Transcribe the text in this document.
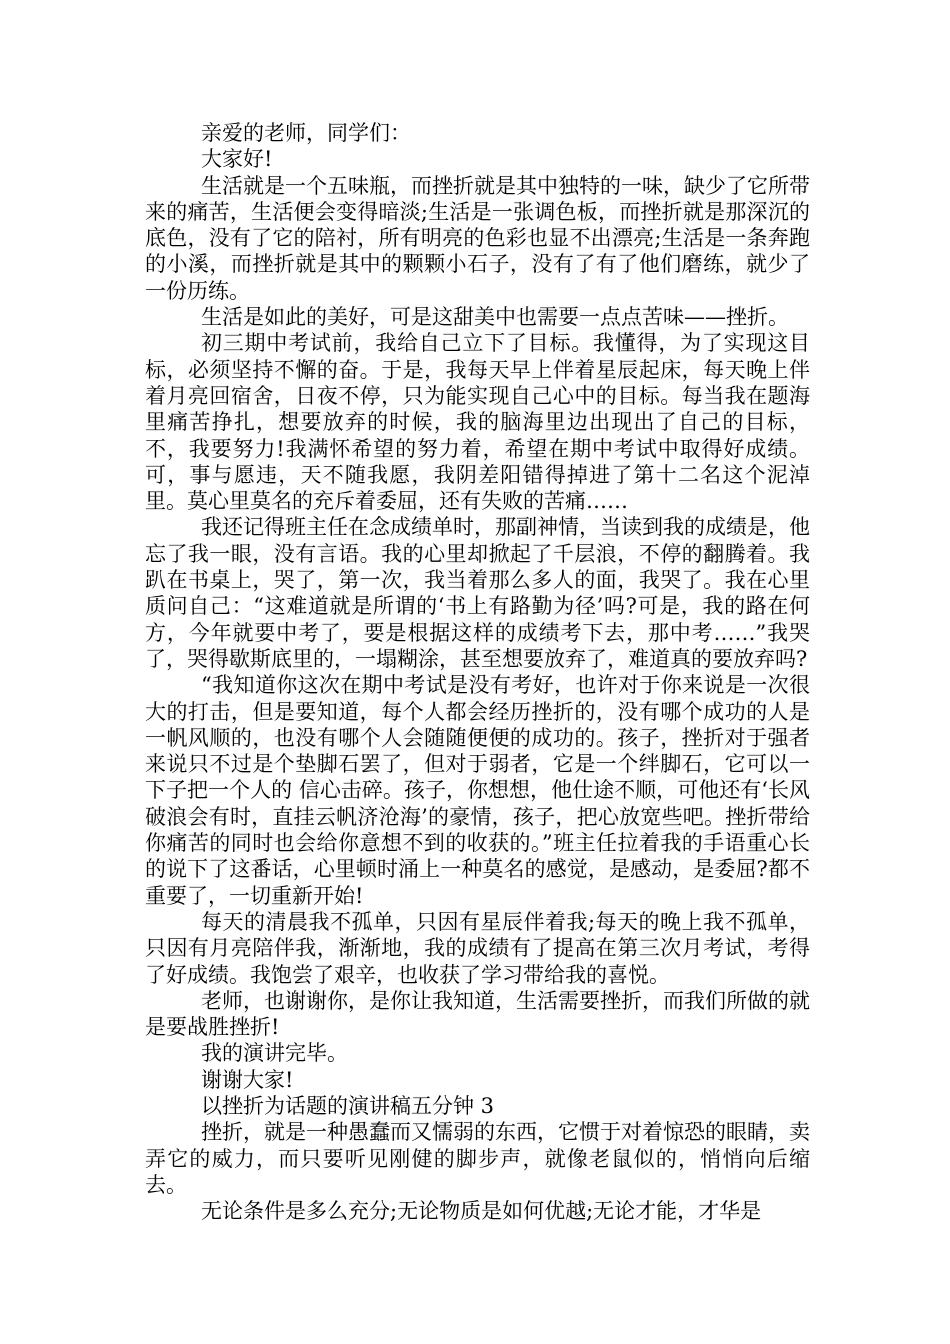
亲爱的老师，同学们：

大家好!

生活就是一个五味瓶，而挫折就是其中独特的一味，缺少了它所带来的痛苦，生活便会变得暗淡;生活是一张调色板，而挫折就是那深沉的底色，没有了它的陪衬，所有明亮的色彩也显不出漂亮;生活是一条奔跑的小溪，而挫折就是其中的颗颗小石子，没有了有了他们磨练，就少了一份历练。

生活是如此的美好，可是这甜美中也需要一点点苦味——挫折。

初三期中考试前，我给自己立下了目标。我懂得，为了实现这目标，必须坚持不懈的奋。于是，我每天早上伴着星辰起床，每天晚上伴着月亮回宿舍，日夜不停，只为能实现自己心中的目标。每当我在题海里痛苦挣扎，想要放弃的时候，我的脑海里边出现出了自己的目标，不，我要努力!我满怀希望的努力着，希望在期中考试中取得好成绩。可，事与愿违，天不随我愿，我阴差阳错得掉进了第十二名这个泥淖里。莫心里莫名的充斥着委屈，还有失败的苦痛……

我还记得班主任在念成绩单时，那副神情，当读到我的成绩是，他忘了我一眼，没有言语。我的心里却掀起了千层浪，不停的翻腾着。我趴在书桌上，哭了，第一次，我当着那么多人的面，我哭了。我在心里质问自己：“这难道就是所谓的‘书上有路勤为径’吗?可是，我的路在何方，今年就要中考了，要是根据这样的成绩考下去，那中考……”我哭了，哭得歇斯底里的，一塌糊涂，甚至想要放弃了，难道真的要放弃吗?

“我知道你这次在期中考试是没有考好，也许对于你来说是一次很大的打击，但是要知道，每个人都会经历挫折的，没有哪个成功的人是一帆风顺的，也没有哪个人会随随便便的成功的。孩子，挫折对于强者来说只不过是个垫脚石罢了，但对于弱者，它是一个绊脚石，它可以一下子把一个人的 信心击碎。孩子，你想想，他仕途不顺，可他还有‘长风破浪会有时，直挂云帆济沧海’的豪情，孩子，把心放宽些吧。挫折带给你痛苦的同时也会给你意想不到的收获的。”班主任拉着我的手语重心长的说下了这番话，心里顿时涌上一种莫名的感觉，是感动，是委屈?都不重要了，一切重新开始!

每天的清晨我不孤单，只因有星辰伴着我;每天的晚上我不孤单，只因有月亮陪伴我，渐渐地，我的成绩有了提高在第三次月考试，考得了好成绩。我饱尝了艰辛，也收获了学习带给我的喜悦。

老师，也谢谢你，是你让我知道，生活需要挫折，而我们所做的就是要战胜挫折!

我的演讲完毕。

谢谢大家!

以挫折为话题的演讲稿五分钟 3

挫折，就是一种愚蠢而又懦弱的东西，它惯于对着惊恐的眼睛，卖弄它的威力，而只要听见刚健的脚步声，就像老鼠似的，悄悄向后缩去。

无论条件是多么充分;无论物质是如何优越;无论才能，才华是
